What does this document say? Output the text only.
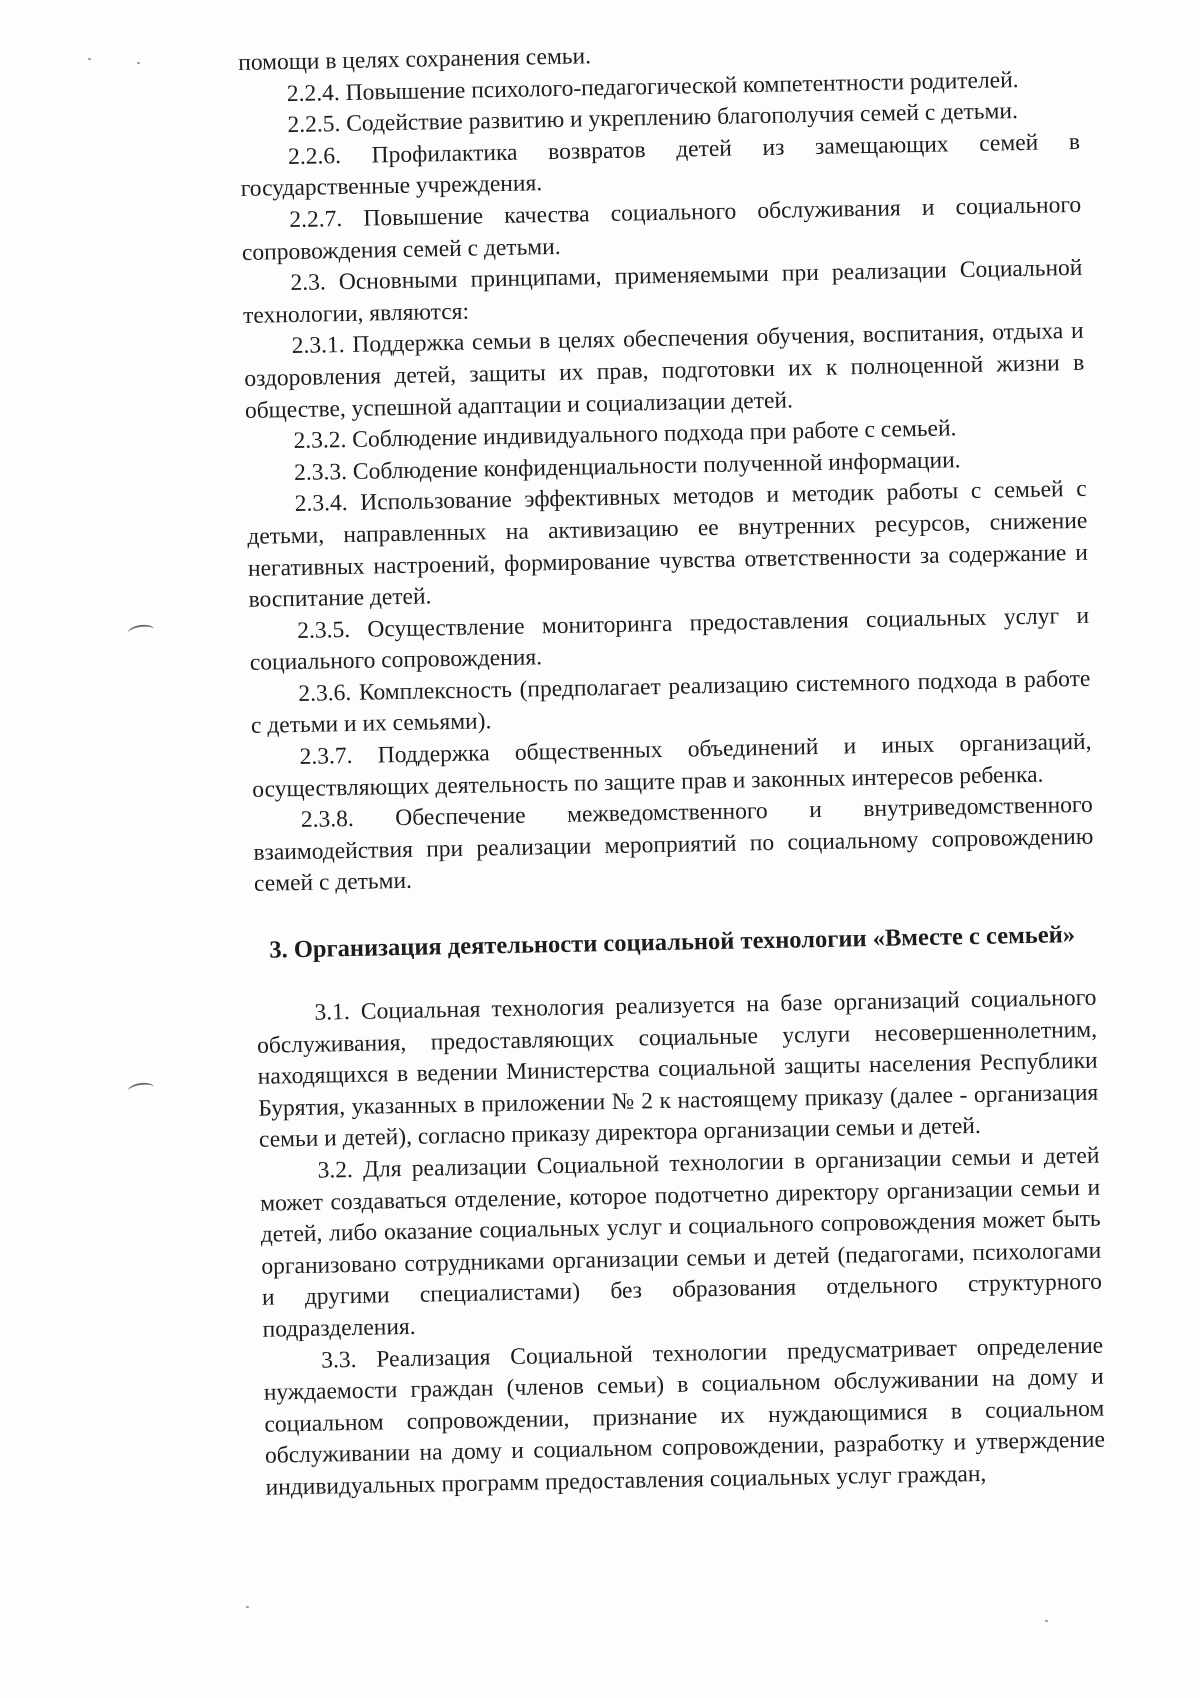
помощи в целях сохранения семьи.

2.2.4. Повышение психолого-педагогической компетентности родителей.

2.2.5. Содействие развитию и укреплению благополучия семей с детьми.

2.2.6. Профилактика возвратов детей из замещающих семей в государственные учреждения.

2.2.7. Повышение качества социального обслуживания и социального сопровождения семей с детьми.

2.3. Основными принципами, применяемыми при реализации Социальной технологии, являются:

2.3.1. Поддержка семьи в целях обеспечения обучения, воспитания, отдыха и оздоровления детей, защиты их прав, подготовки их к полноценной жизни в обществе, успешной адаптации и социализации детей.

2.3.2. Соблюдение индивидуального подхода при работе с семьей.

2.3.3. Соблюдение конфиденциальности полученной информации.

2.3.4. Использование эффективных методов и методик работы с семьей с детьми, направленных на активизацию ее внутренних ресурсов, снижение негативных настроений, формирование чувства ответственности за содержание и воспитание детей.

2.3.5. Осуществление мониторинга предоставления социальных услуг и социального сопровождения.

2.3.6. Комплексность (предполагает реализацию системного подхода в работе с детьми и их семьями).

2.3.7. Поддержка общественных объединений и иных организаций, осуществляющих деятельность по защите прав и законных интересов ребенка.

2.3.8. Обеспечение межведомственного и внутриведомственного взаимодействия при реализации мероприятий по социальному сопровождению семей с детьми.

3. Организация деятельности социальной технологии «Вместе с семьей»

3.1. Социальная технология реализуется на базе организаций социального обслуживания, предоставляющих социальные услуги несовершеннолетним, находящихся в ведении Министерства социальной защиты населения Республики Бурятия, указанных в приложении № 2 к настоящему приказу (далее - организация семьи и детей), согласно приказу директора организации семьи и детей.

3.2. Для реализации Социальной технологии в организации семьи и детей может создаваться отделение, которое подотчетно директору организации семьи и детей, либо оказание социальных услуг и социального сопровождения может быть организовано сотрудниками организации семьи и детей (педагогами, психологами и другими специалистами) без образования отдельного структурного подразделения.

3.3. Реализация Социальной технологии предусматривает определение нуждаемости граждан (членов семьи) в социальном обслуживании на дому и социальном сопровождении, признание их нуждающимися в социальном обслуживании на дому и социальном сопровождении, разработку и утверждение индивидуальных программ предоставления социальных услуг граждан,
